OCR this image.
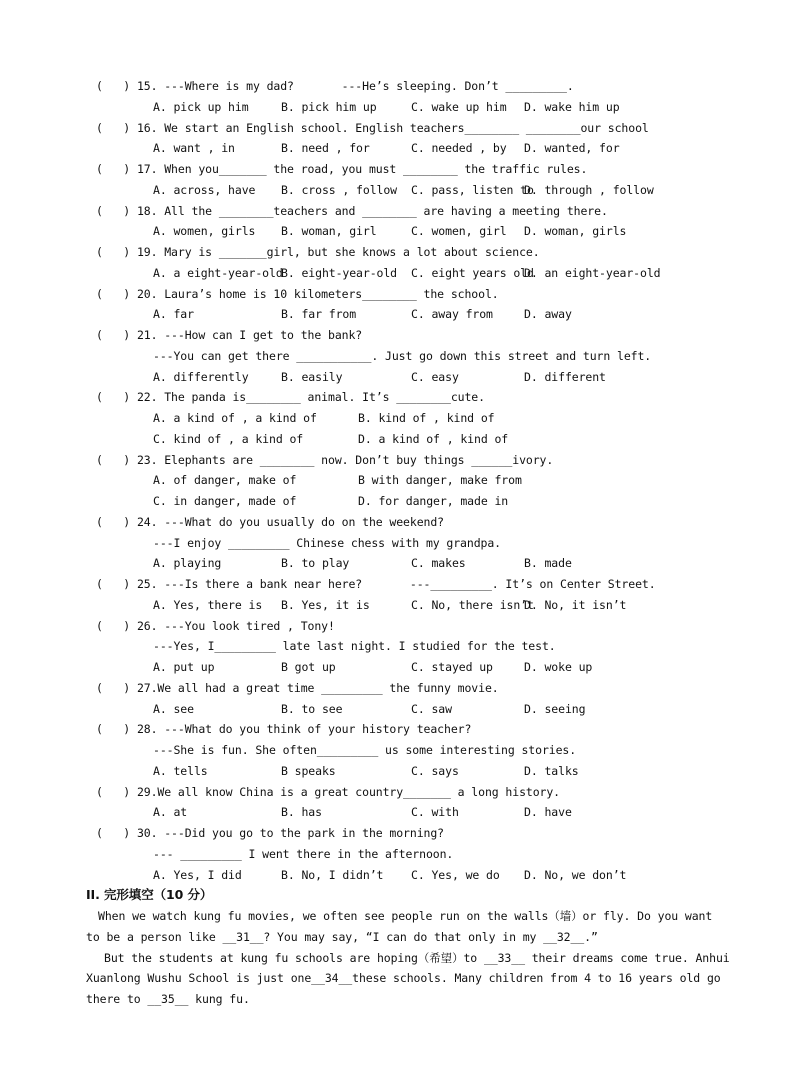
(   ) 15. ---Where is my dad?       ---He’s sleeping. Don’t _________.
A. pick up him	B. pick him up	C. wake up him D. wake him up
(   ) 16. We start an English school. English teachers________ ________our school
A. want , in	B. need , for	C. needed , by D. wanted, for
(   ) 17. When you_______ the road, you must ________ the traffic rules.
A. across, have B. cross , follow C. pass, listen to
D. through , follow
(   ) 18. All the ________teachers and ________ are having a meeting there.
A. women, girls B. woman, girl	C. women, girl D. woman, girls
(   ) 19. Mary is _______girl, but she knows a lot about science.
A. a eight-year-old
B. eight-year-old C. eight years old
D. an eight-year-old
(   ) 20. Laura’s home is 10 kilometers________ the school.
A. far	B. far from	C. away from	D. away
(   ) 21. ---How can I get to the bank?
---You can get there ___________. Just go down this street and turn left.
A. differently	B. easily	C. easy	D. different
(   ) 22. The panda is________ animal. It’s ________cute.
A. a kind of , a kind of	B. kind of , kind of
C. kind of , a kind of	D. a kind of , kind of
(   ) 23. Elephants are ________ now. Don’t buy things ______ivory.
A. of danger, make of	B with danger, make from
C. in danger, made of	D. for danger, made in
(   ) 24. ---What do you usually do on the weekend?
---I enjoy _________ Chinese chess with my grandpa.
A. playing	B. to play	C. makes	B. made
(   ) 25. ---Is there a bank near here?       ---_________. It’s on Center Street.
A. Yes, there is B. Yes, it is	C. No, there isn’t
D. No, it isn’t
(   ) 26. ---You look tired , Tony!
---Yes, I_________ late last night. I studied for the test.
A. put up	B got up	C. stayed up	D. woke up
(   ) 27.We all had a great time _________ the funny movie.
A. see	B. to see	C. saw	D. seeing
(   ) 28. ---What do you think of your history teacher?
---She is fun. She often_________ us some interesting stories.
A. tells	B speaks	C. says	D. talks
(   ) 29.We all know China is a great country_______ a long history.
A. at	B. has	C. with	D. have
(   ) 30. ---Did you go to the park in the morning?
--- _________ I went there in the afternoon.
A. Yes, I did	B. No, I didn’t C. Yes, we do D. No, we don’t
II. 完形填空（10 分）
When we watch kung fu movies, we often see people run on the walls（墙）or fly. Do you want
to be a person like __31__? You may say, “I can do that only in my __32__.”
But the students at kung fu schools are hoping（希望）to __33__ their dreams come true. Anhui
Xuanlong Wushu School is just one__34__these schools. Many children from 4 to 16 years old go
there to __35__ kung fu.
